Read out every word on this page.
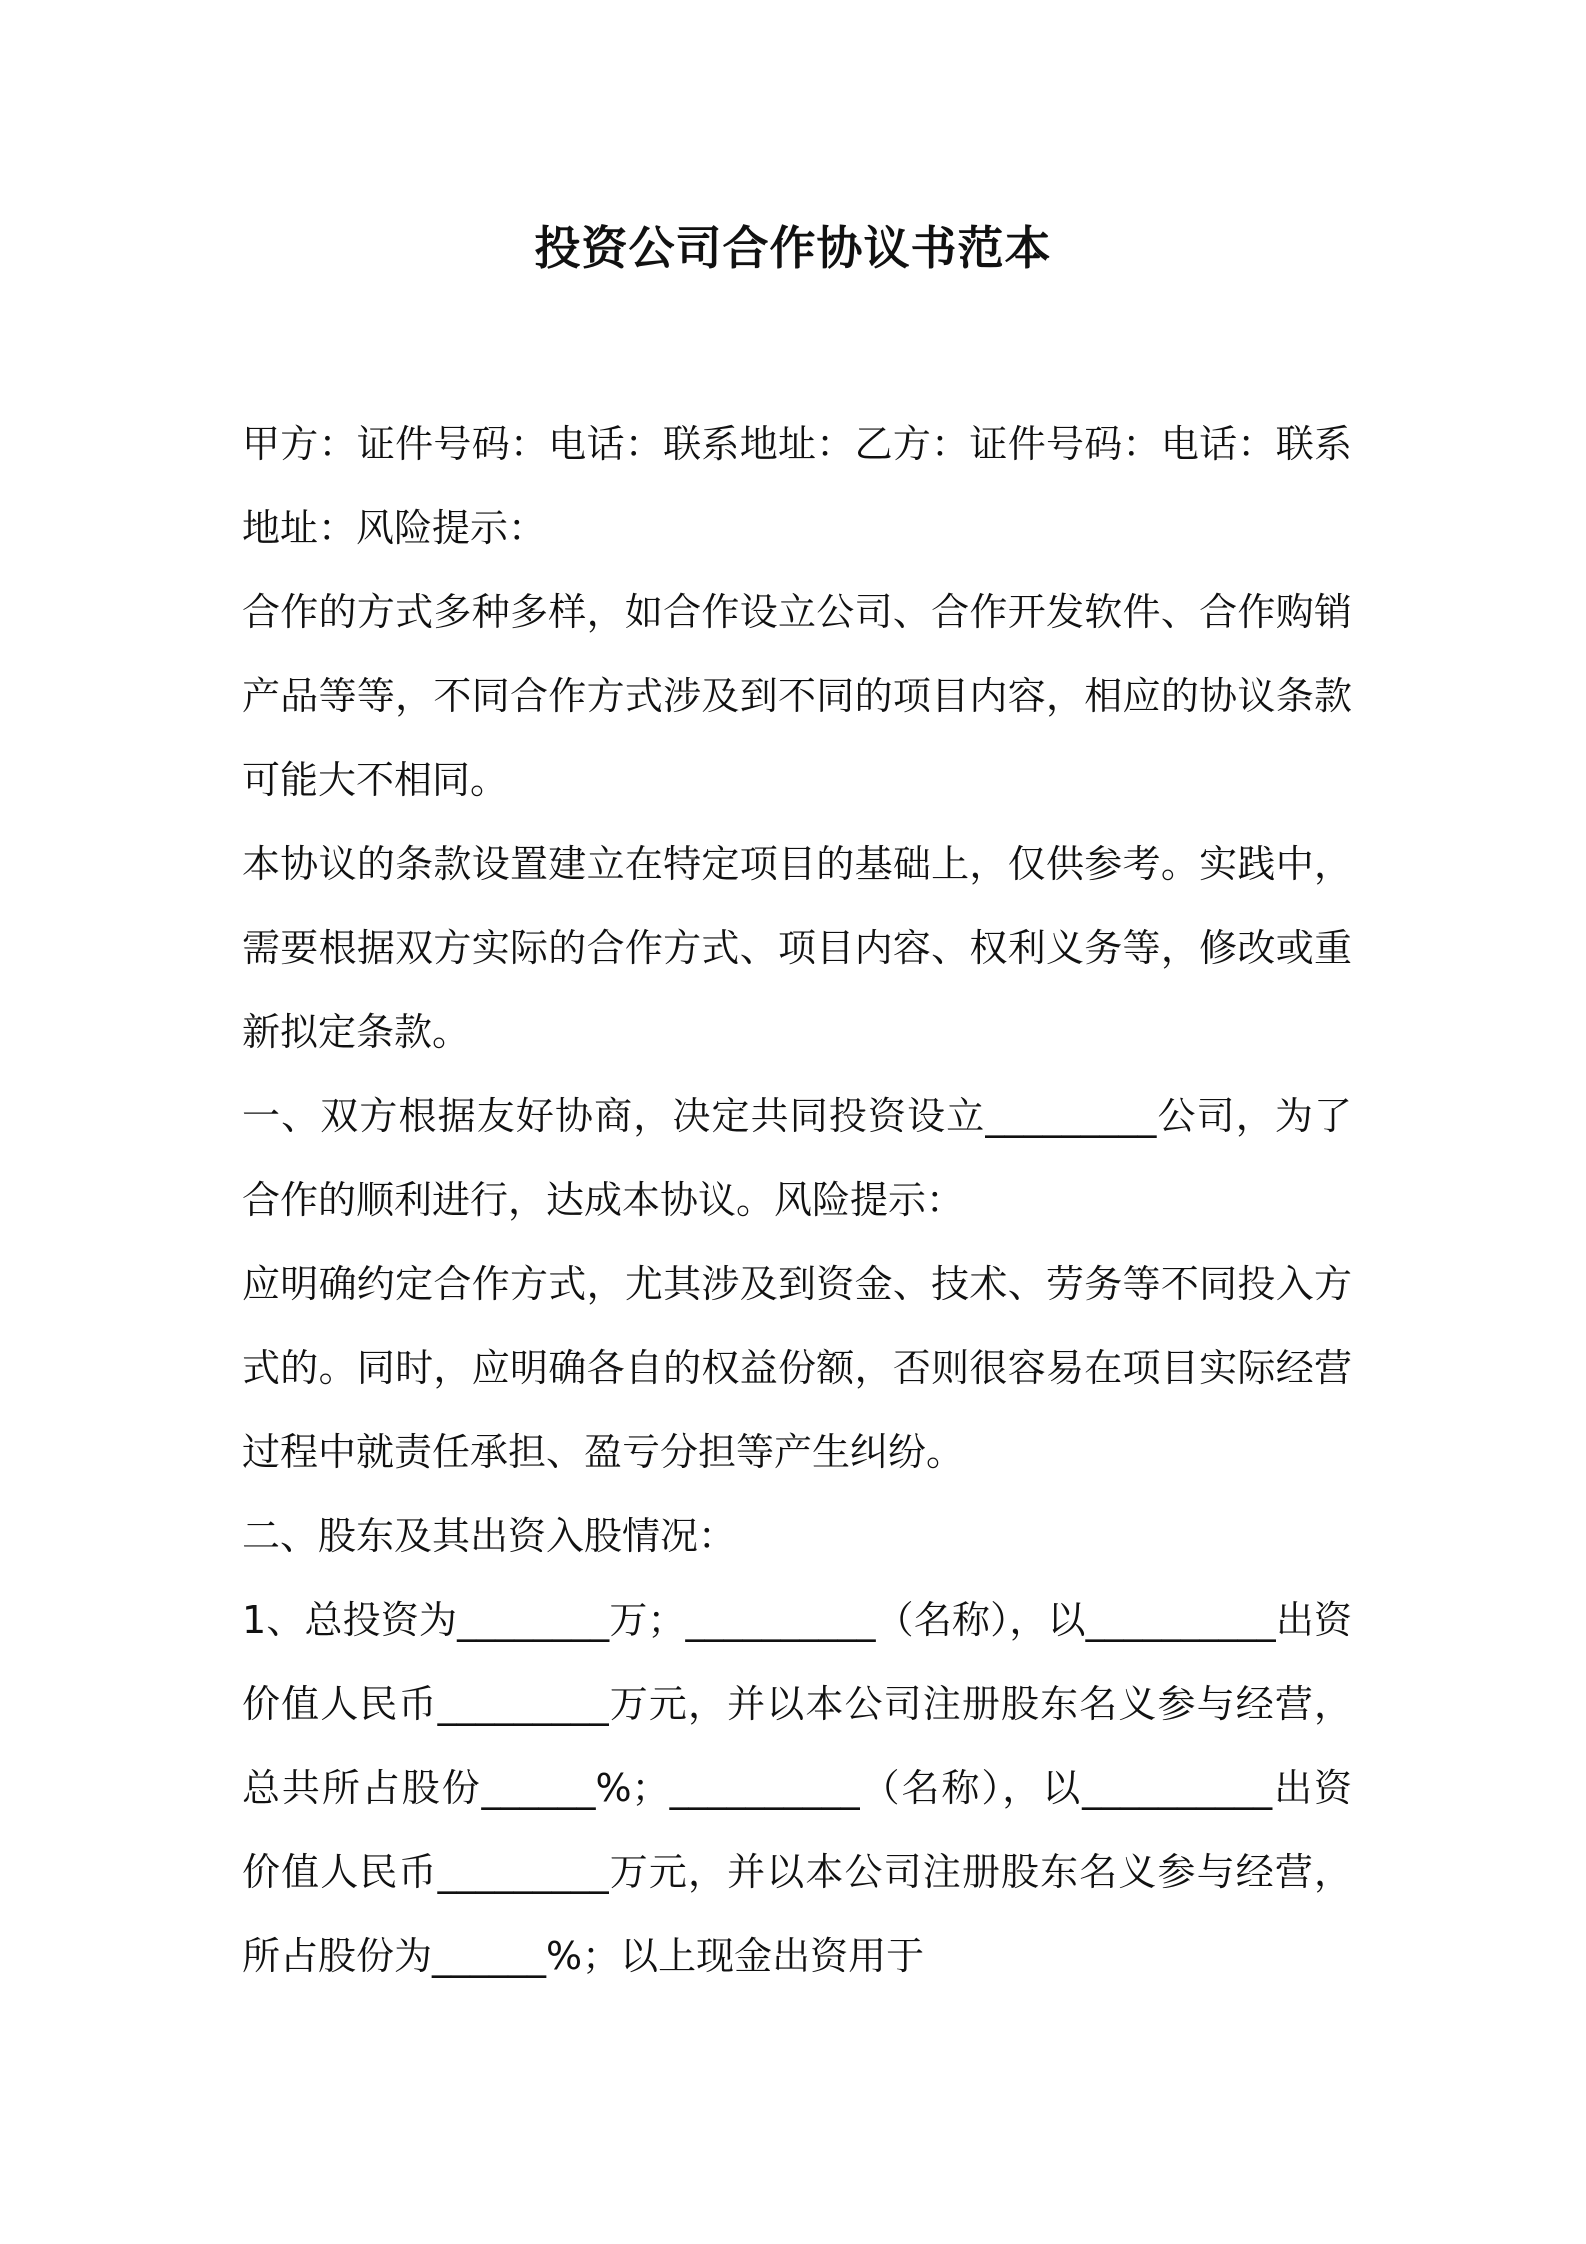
投资公司合作协议书范本

甲方：证件号码：电话：联系地址：乙方：证件号码：电话：联系地址：风险提示：

合作的方式多种多样，如合作设立公司、合作开发软件、合作购销产品等等，不同合作方式涉及到不同的项目内容，相应的协议条款可能大不相同。

本协议的条款设置建立在特定项目的基础上，仅供参考。实践中，需要根据双方实际的合作方式、项目内容、权利义务等，修改或重新拟定条款。

一、双方根据友好协商，决定共同投资设立_________公司，为了合作的顺利进行，达成本协议。风险提示：

应明确约定合作方式，尤其涉及到资金、技术、劳务等不同投入方式的。同时，应明确各自的权益份额，否则很容易在项目实际经营过程中就责任承担、盈亏分担等产生纠纷。

二、股东及其出资入股情况：

1、总投资为________万；__________（名称），以__________出资价值人民币_________万元，并以本公司注册股东名义参与经营，总共所占股份______%；__________（名称），以__________出资价值人民币_________万元，并以本公司注册股东名义参与经营，所占股份为______%；以上现金出资用于
